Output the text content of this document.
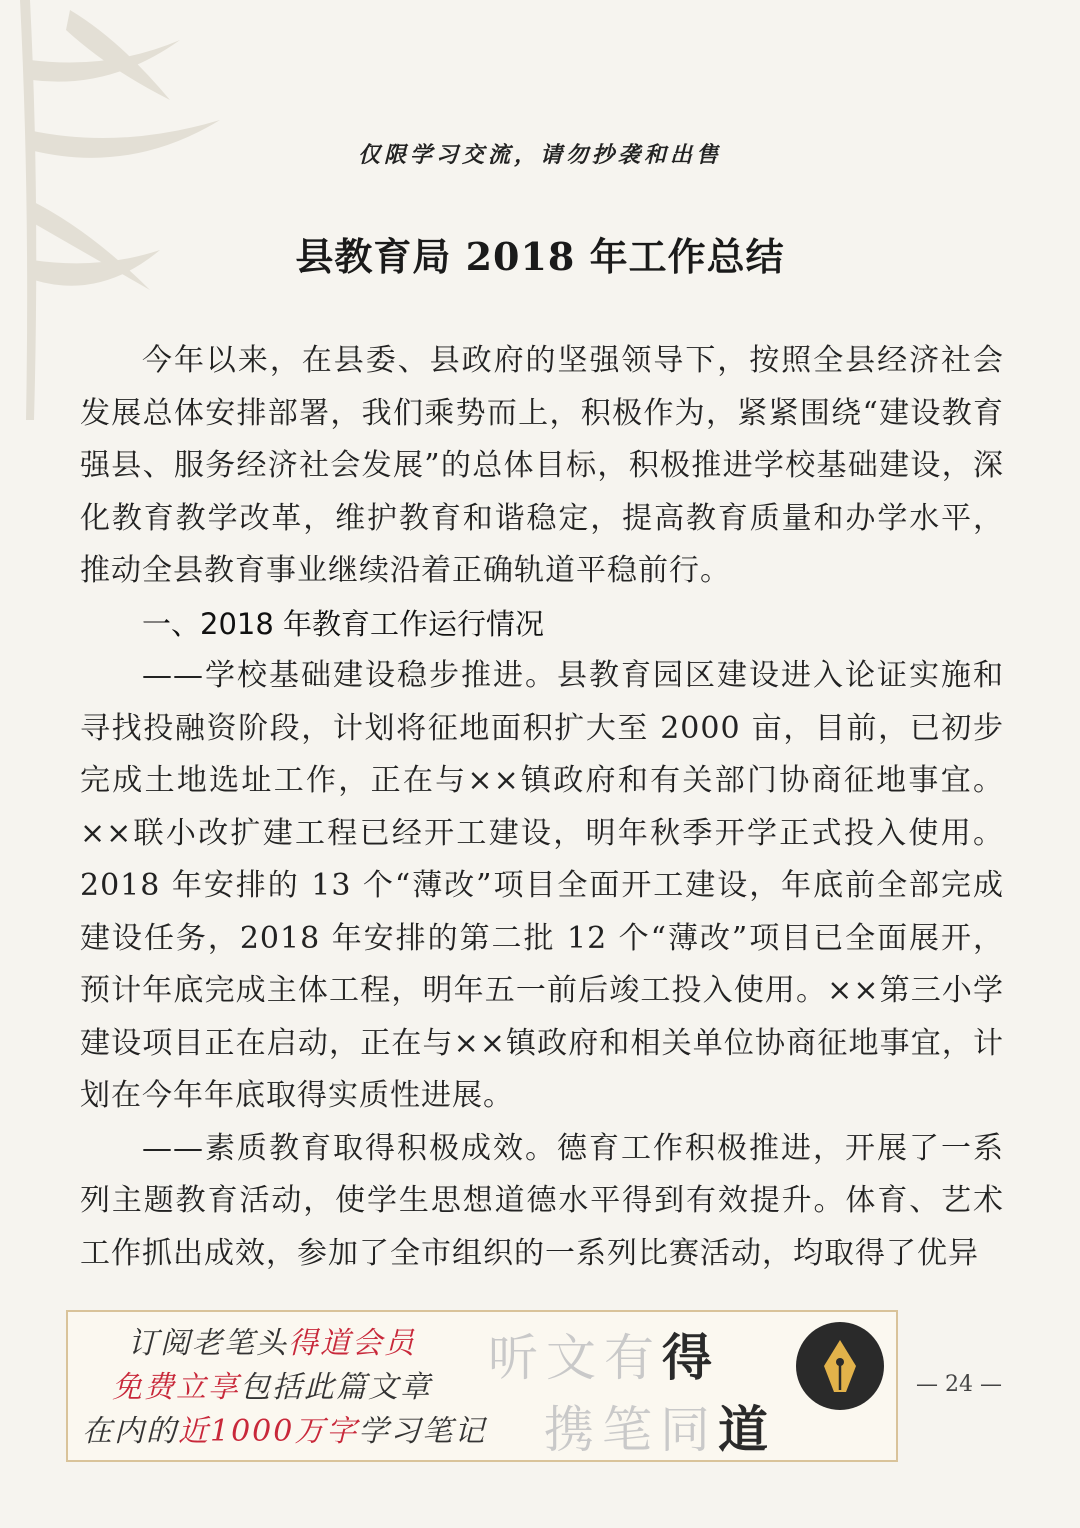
仅限学习交流，请勿抄袭和出售
县教育局 2018 年工作总结

今年以来，在县委、县政府的坚强领导下，按照全县经济社会发展总体安排部署，我们乘势而上，积极作为，紧紧围绕“建设教育强县、服务经济社会发展”的总体目标，积极推进学校基础建设，深化教育教学改革，维护教育和谐稳定，提高教育质量和办学水平，推动全县教育事业继续沿着正确轨道平稳前行。

一、2018 年教育工作运行情况

——学校基础建设稳步推进。县教育园区建设进入论证实施和寻找投融资阶段，计划将征地面积扩大至 2000 亩，目前，已初步完成土地选址工作，正在与××镇政府和有关部门协商征地事宜。××联小改扩建工程已经开工建设，明年秋季开学正式投入使用。2018 年安排的 13 个“薄改”项目全面开工建设，年底前全部完成建设任务，2018 年安排的第二批 12 个“薄改”项目已全面展开，预计年底完成主体工程，明年五一前后竣工投入使用。××第三小学建设项目正在启动，正在与××镇政府和相关单位协商征地事宜，计划在今年年底取得实质性进展。

——素质教育取得积极成效。德育工作积极推进，开展了一系列主题教育活动，使学生思想道德水平得到有效提升。体育、艺术工作抓出成效，参加了全市组织的一系列比赛活动，均取得了优异

订阅老笔头得道会员
免费立享包括此篇文章
在内的近1000万字学习笔记
听文有得
携笔同道
— 24 —
